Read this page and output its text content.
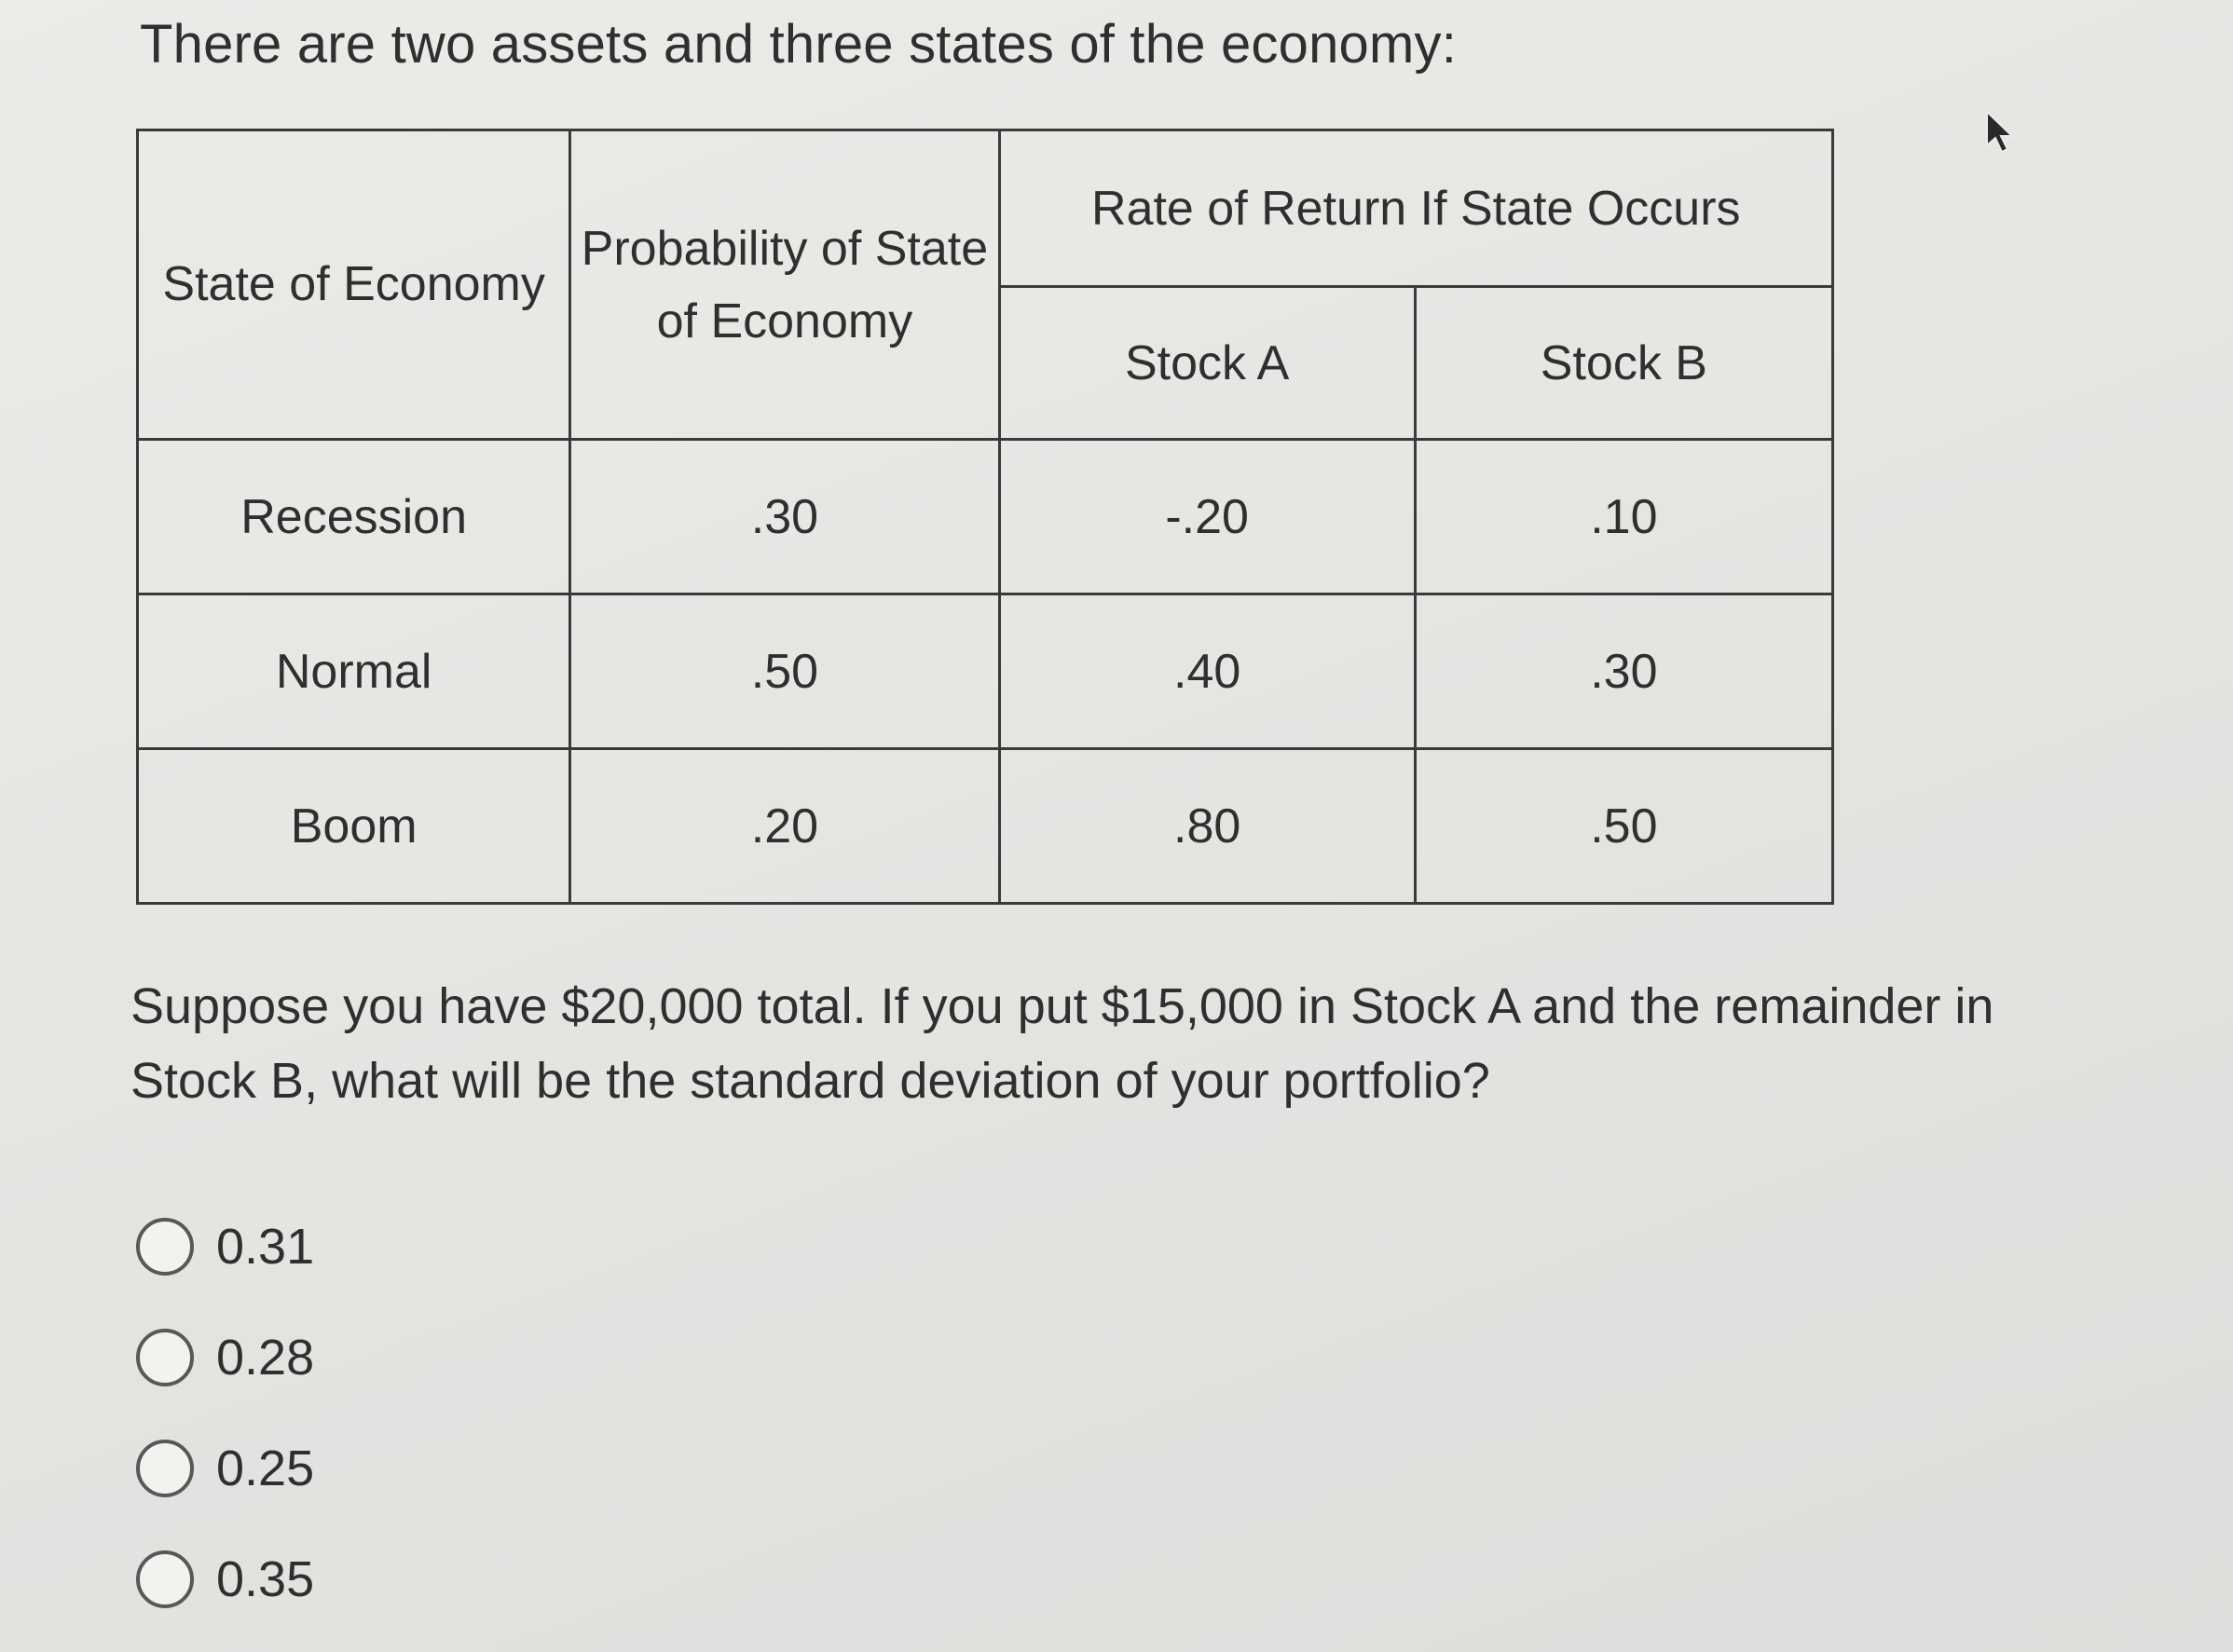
There are two assets and three states of the economy:

State of Economy	Probability of State of Economy	Rate of Return If State Occurs	
		Stock A	Stock B
Recession	.30	-.20	.10
Normal	.50	.40	.30
Boom	.20	.80	.50

Suppose you have $20,000 total. If you put $15,000 in Stock A and the remainder in Stock B, what will be the standard deviation of your portfolio?

0.31
0.28
0.25
0.35
